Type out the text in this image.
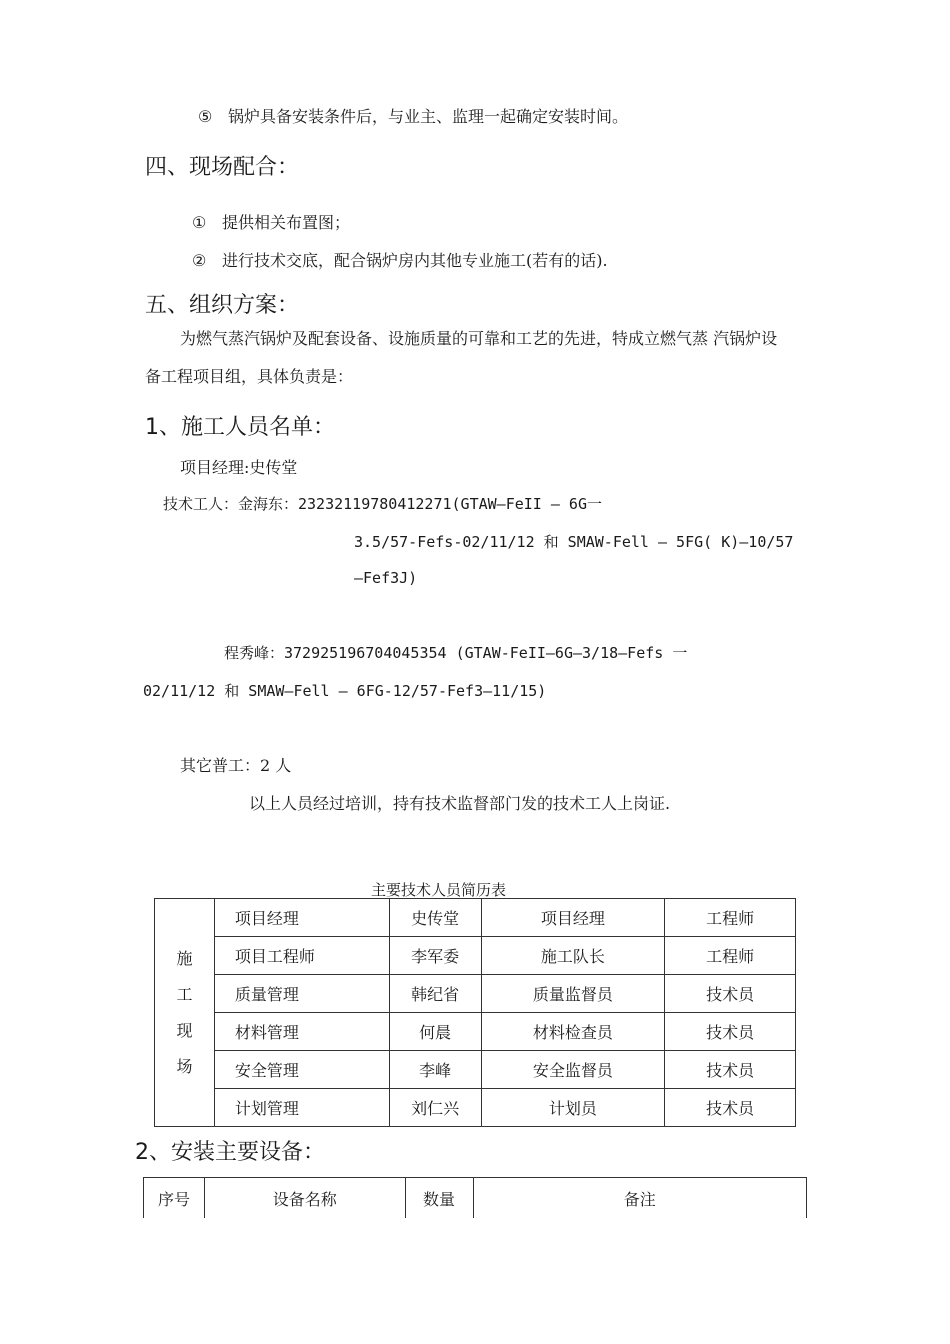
⑤ 锅炉具备安装条件后，与业主、监理一起确定安装时间。
四、现场配合：
① 提供相关布置图；
② 进行技术交底，配合锅炉房内其他专业施工(若有的话).
五、组织方案：
为燃气蒸汽锅炉及配套设备、设施质量的可靠和工艺的先进，特成立燃气蒸 汽锅炉设
备工程项目组，具体负责是：
1、施工人员名单：
项目经理:史传堂
技术工人：金海东：23232119780412271(GTAW—FeII — 6G一
3.5/57-Fefs-02/11/12 和 SMAW-Fell — 5FG( K)—10/57
—Fef3J)
程秀峰：372925196704045354 (GTAW-FeII—6G—3/18—Fefs 一
02/11/12 和 SMAW—Fell — 6FG-12/57-Fef3—11/15)
其它普工：2 人
以上人员经过培训，持有技术监督部门发的技术工人上岗证.
主要技术人员简历表
施
工
现
场	项目经理	史传堂	项目经理	工程师
	项目工程师	李军委	施工队长	工程师
	质量管理	韩纪省	质量监督员	技术员
	材料管理	何晨	材料检查员	技术员
	安全管理	李峰	安全监督员	技术员
	计划管理	刘仁兴	计划员	技术员
2、安装主要设备：
序号	设备名称	数量	备注
